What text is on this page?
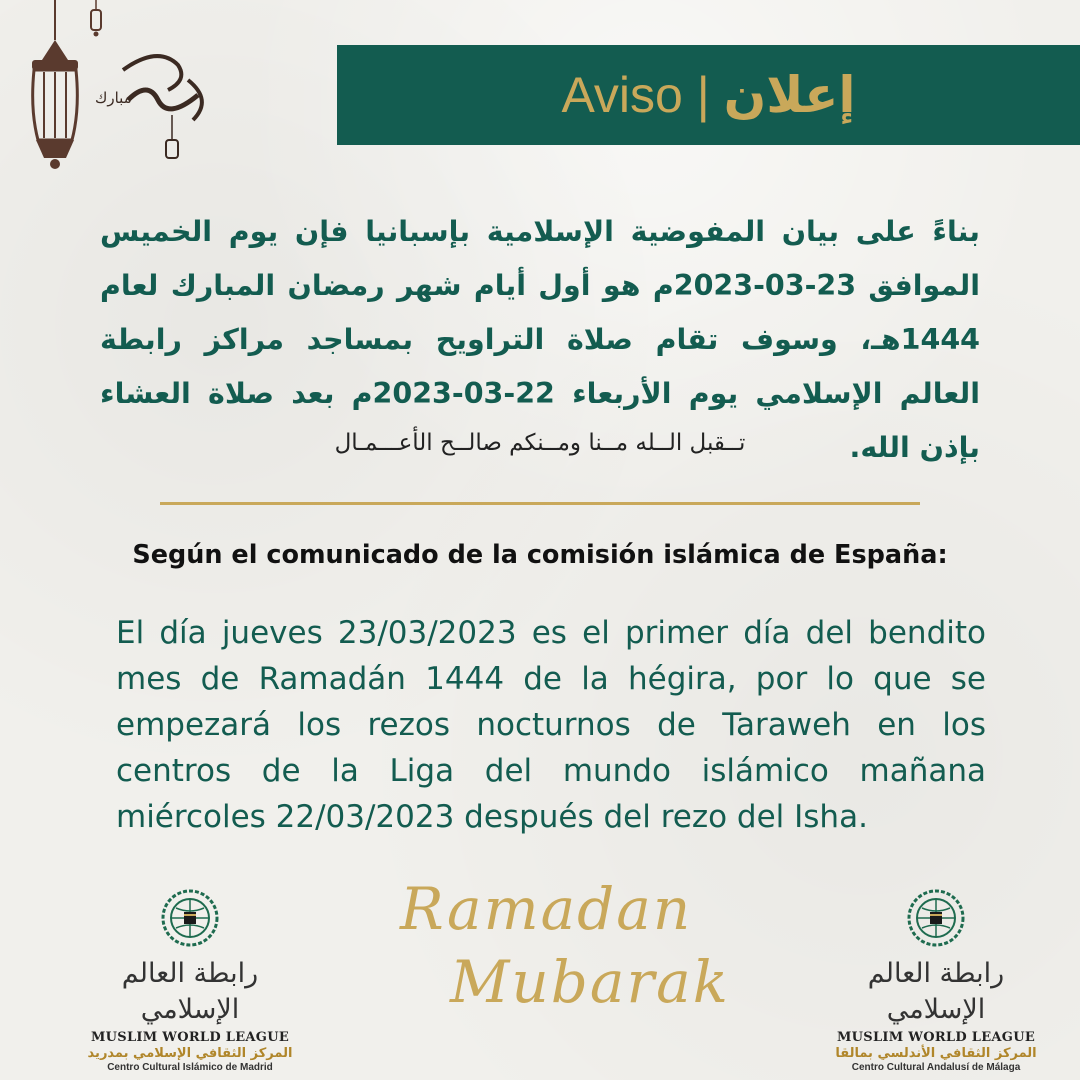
مبارك	Aviso | إعلان
بناءً على بيان المفوضية الإسلامية بإسبانيا فإن يوم الخميس الموافق 23-03-2023م هو أول أيام شهر رمضان المبارك لعام 1444هـ، وسوف تقام صلاة التراويح بمساجد مراكز رابطة العالم الإسلامي يوم الأربعاء 22-03-2023م بعد صلاة العشاء بإذن الله.
تــقبل الــله مــنا ومــنكم صالــح الأعـــمـال
Según el comunicado de la comisión islámica de España:
El día jueves 23/03/2023 es el primer día del bendito mes de Ramadán 1444 de la hégira, por lo que se empezará los rezos nocturnos de Taraweh en los centros de la Liga del mundo islámico mañana miércoles 22/03/2023 después del rezo del Isha.
رابطة العالم الإسلامي
MUSLIM WORLD LEAGUE
المركز الثقافي الإسلامي بمدريد
Centro Cultural Islámico de Madrid
Ramadan
Mubarak	رابطة العالم الإسلامي
MUSLIM WORLD LEAGUE
المركز الثقافي الأندلسي بمالقا
Centro Cultural Andalusí de Málaga
